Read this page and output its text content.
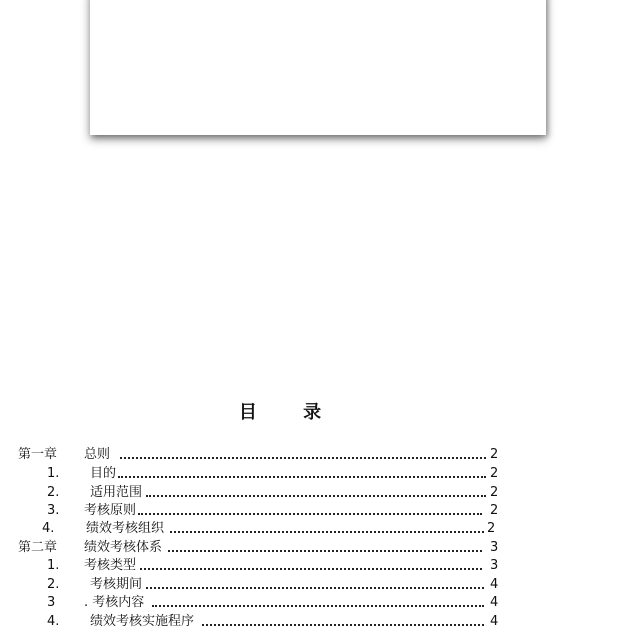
目 录
第一章 总则	2
1. 目的	2
2. 适用范围	2
3. 考核原则	2
4. 绩效考核组织	2
第二章 绩效考核体系	3
1. 考核类型	3
2. 考核期间	4
3 . 考核内容	4
4. 绩效考核实施程序	4
